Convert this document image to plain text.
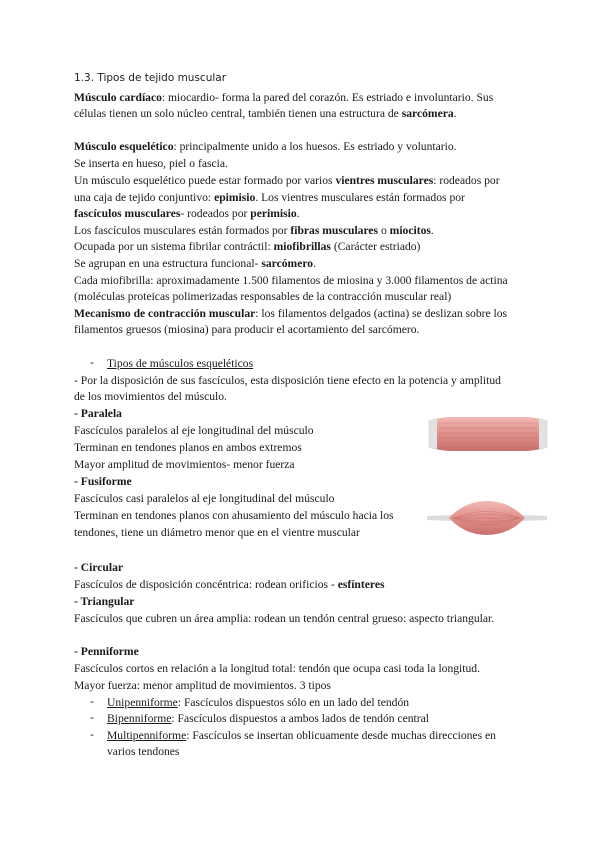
1.3. Tipos de tejido muscular
Músculo cardíaco: miocardio- forma la pared del corazón. Es estriado e involuntario. Sus
células tienen un solo núcleo central, también tienen una estructura de sarcómera.
Músculo esquelético: principalmente unido a los huesos. Es estriado y voluntario.
Se inserta en hueso, piel o fascia.
Un músculo esquelético puede estar formado por varios vientres musculares: rodeados por
una caja de tejido conjuntivo: epimisio. Los vientres musculares están formados por
fascículos musculares- rodeados por perimisio.
Los fascículos musculares están formados por fibras musculares o miocitos.
Ocupada por un sistema fibrilar contráctil: miofibrillas (Carácter estriado)
Se agrupan en una estructura funcional- sarcómero.
Cada miofibrilla: aproximadamente 1.500 filamentos de miosina y 3.000 filamentos de actina
(moléculas proteicas polimerizadas responsables de la contracción muscular real)
Mecanismo de contracción muscular: los filamentos delgados (actina) se deslizan sobre los
filamentos gruesos (miosina) para producir el acortamiento del sarcómero.
- Tipos de músculos esqueléticos
- Por la disposición de sus fascículos, esta disposición tiene efecto en la potencia y amplitud
de los movimientos del músculo.
- Paralela
Fascículos paralelos al eje longitudinal del músculo
Terminan en tendones planos en ambos extremos
Mayor amplitud de movimientos- menor fuerza
- Fusiforme
Fascículos casi paralelos al eje longitudinal del músculo
Terminan en tendones planos con ahusamiento del músculo hacia los
tendones, tiene un diámetro menor que en el vientre muscular
- Circular
Fascículos de disposición concéntrica: rodean orificios - esfínteres
- Triangular
Fascículos que cubren un área amplia: rodean un tendón central grueso: aspecto triangular.
- Penniforme
Fascículos cortos en relación a la longitud total: tendón que ocupa casi toda la longitud.
Mayor fuerza: menor amplitud de movimientos. 3 tipos
- Unipenniforme: Fascículos dispuestos sólo en un lado del tendón
- Bipenniforme: Fascículos dispuestos a ambos lados de tendón central
- Multipenniforme: Fascículos se insertan oblicuamente desde muchas direcciones en
varios tendones
